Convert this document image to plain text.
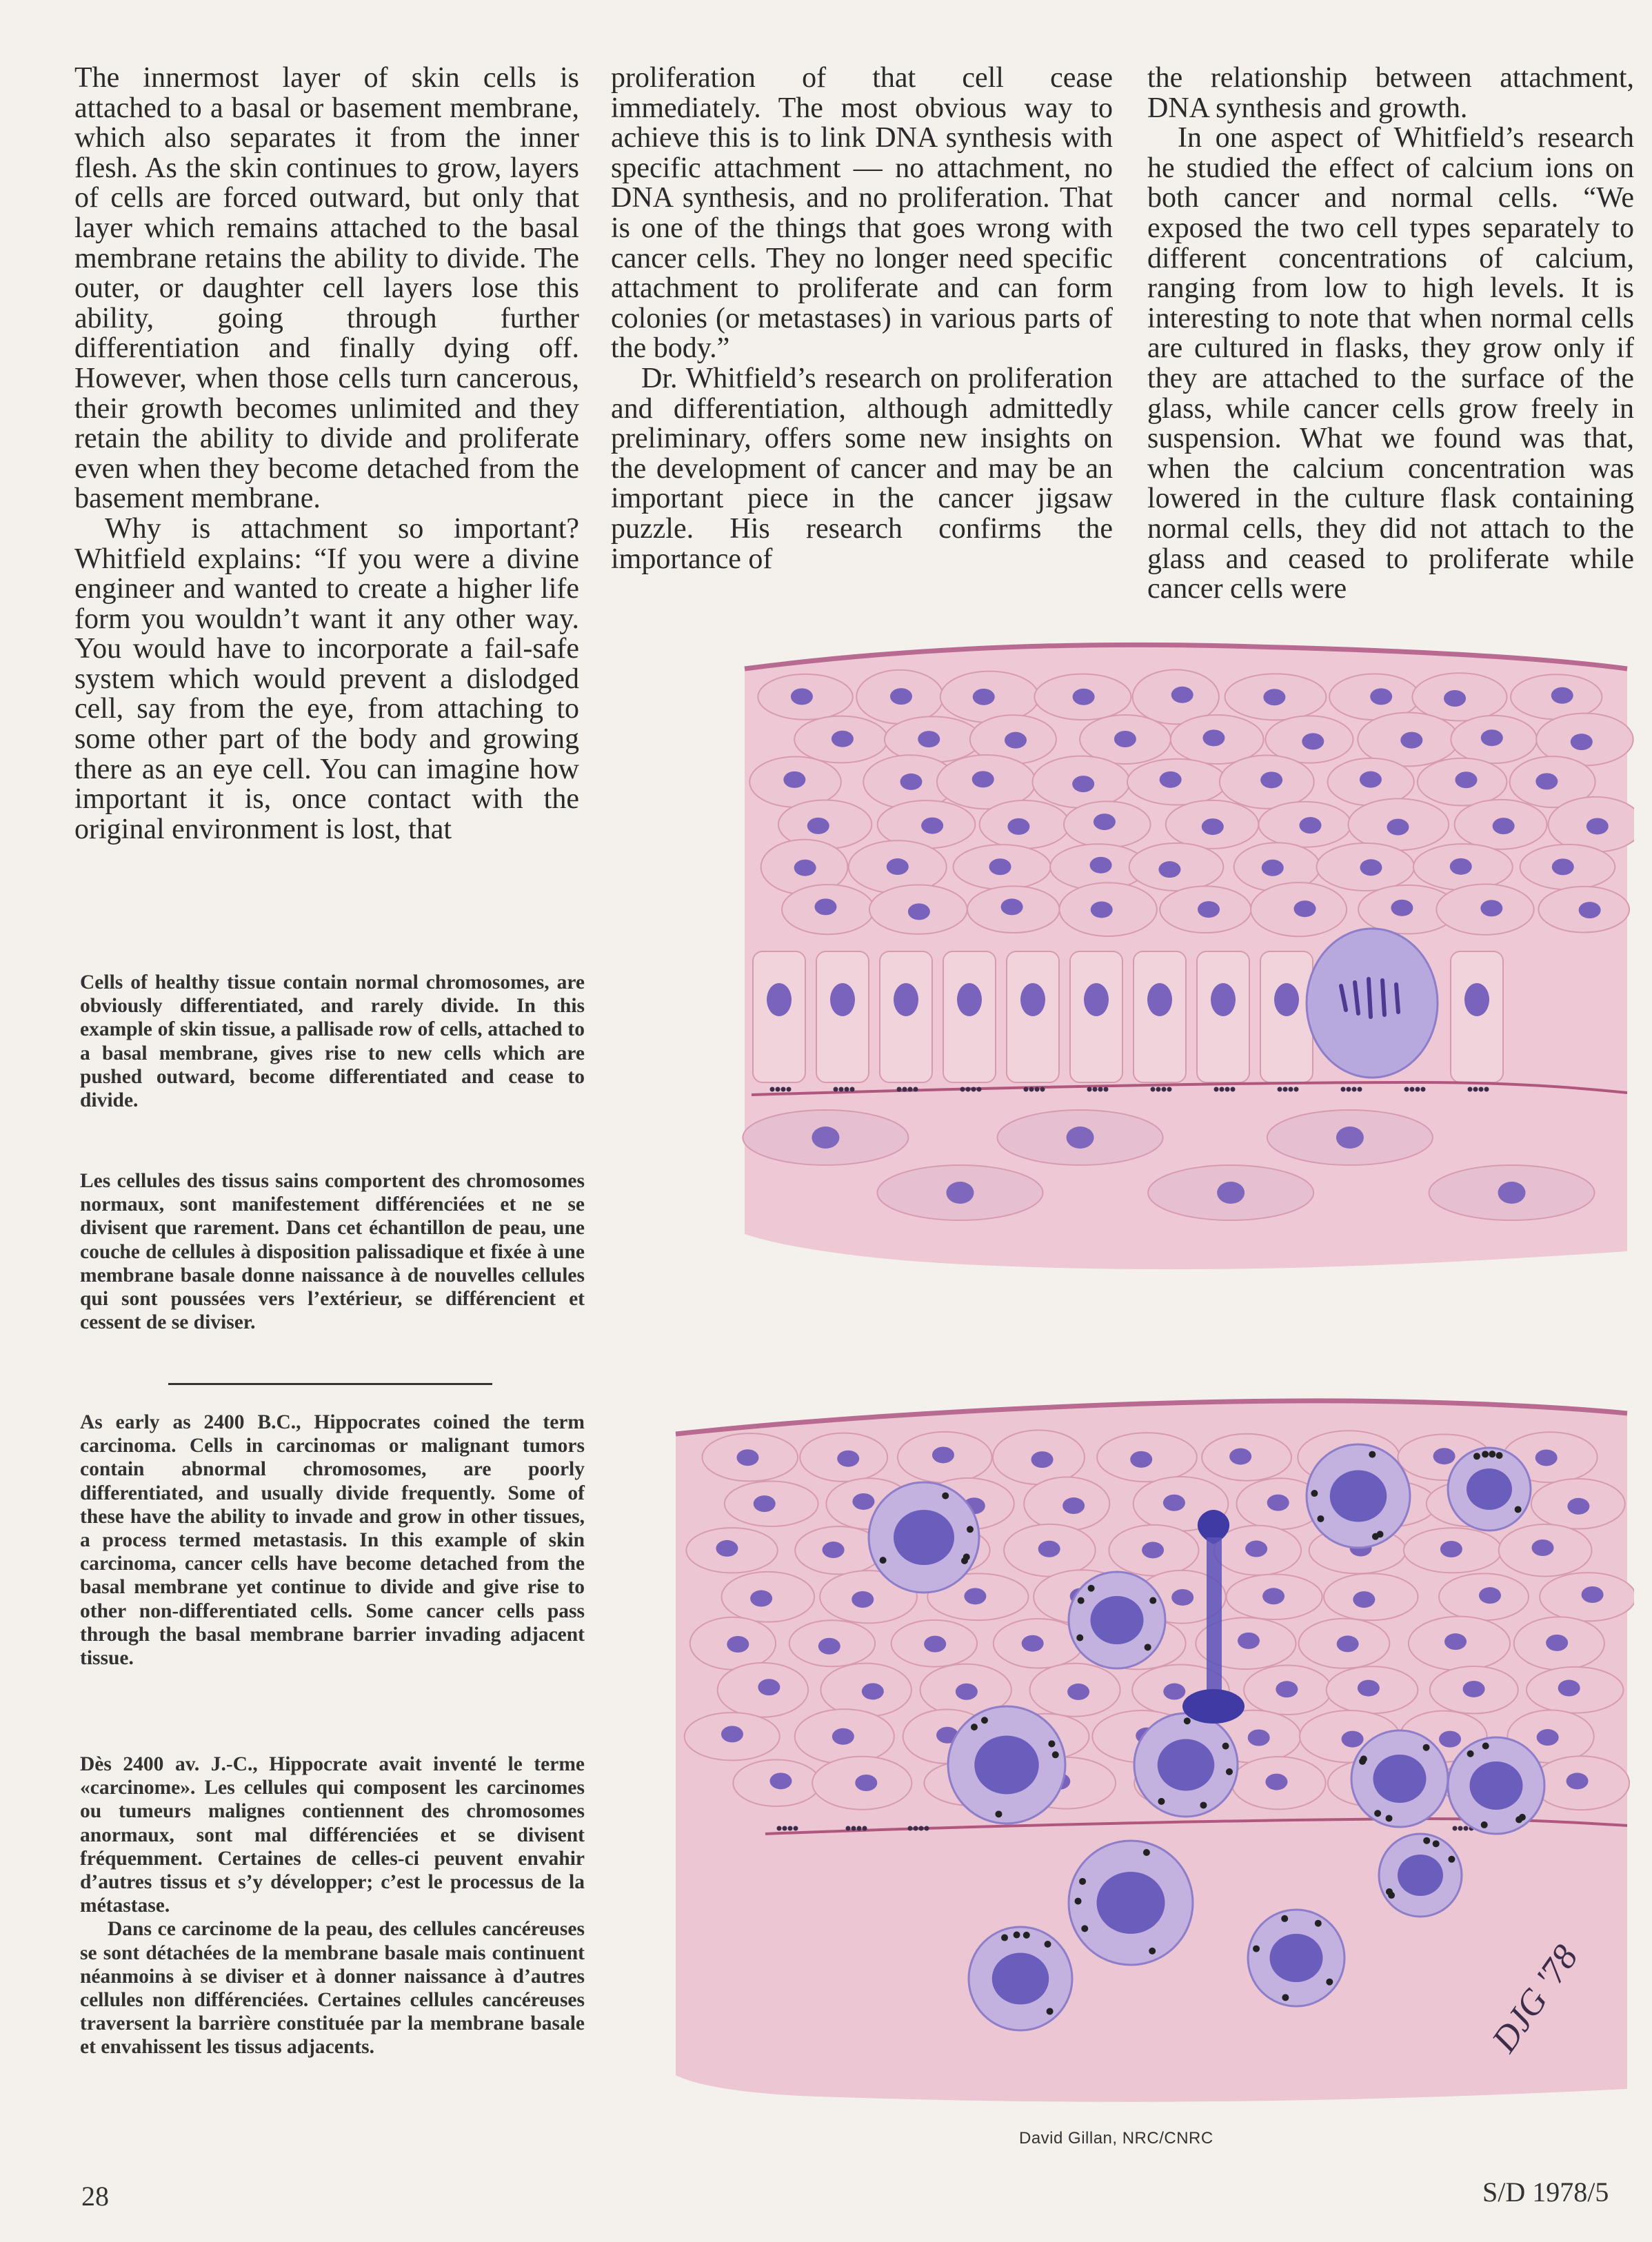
The innermost layer of skin cells is attached to a basal or basement membrane, which also separates it from the inner flesh. As the skin continues to grow, layers of cells are forced outward, but only that layer which remains attached to the basal membrane retains the ability to divide. The outer, or daughter cell layers lose this ability, going through further differentiation and finally dying off. However, when those cells turn cancerous, their growth becomes unlimited and they retain the ability to divide and proliferate even when they become detached from the basement membrane.

Why is attachment so important? Whitfield explains: “If you were a divine engineer and wanted to create a higher life form you wouldn’t want it any other way. You would have to incorporate a fail-safe system which would prevent a dislodged cell, say from the eye, from attaching to some other part of the body and growing there as an eye cell. You can imagine how important it is, once contact with the original environment is lost, that

proliferation of that cell cease immediately. The most obvious way to achieve this is to link DNA synthesis with specific attachment — no attachment, no DNA synthesis, and no proliferation. That is one of the things that goes wrong with cancer cells. They no longer need specific attachment to proliferate and can form colonies (or metastases) in various parts of the body.”

Dr. Whitfield’s research on proliferation and differentiation, although admittedly preliminary, offers some new insights on the development of cancer and may be an important piece in the cancer jigsaw puzzle. His research confirms the importance of

the relationship between attachment, DNA synthesis and growth.

In one aspect of Whitfield’s research he studied the effect of calcium ions on both cancer and normal cells. “We exposed the two cell types separately to different concentrations of calcium, ranging from low to high levels. It is interesting to note that when normal cells are cultured in flasks, they grow only if they are attached to the surface of the glass, while cancer cells grow freely in suspension. What we found was that, when the calcium concentration was lowered in the culture flask containing normal cells, they did not attach to the glass and ceased to proliferate while cancer cells were

Cells of healthy tissue contain normal chromosomes, are obviously differentiated, and rarely divide. In this example of skin tissue, a pallisade row of cells, attached to a basal membrane, gives rise to new cells which are pushed outward, become differentiated and cease to divide.

Les cellules des tissus sains comportent des chromosomes normaux, sont manifestement différenciées et ne se divisent que rarement. Dans cet échantillon de peau, une couche de cellules à disposition palissadique et fixée à une membrane basale donne naissance à de nouvelles cellules qui sont poussées vers l’extérieur, se différencient et cessent de se diviser.

As early as 2400 B.C., Hippocrates coined the term carcinoma. Cells in carcinomas or malignant tumors contain abnormal chromosomes, are poorly differentiated, and usually divide frequently. Some of these have the ability to invade and grow in other tissues, a process termed metastasis. In this example of skin carcinoma, cancer cells have become detached from the basal membrane yet continue to divide and give rise to other non-differentiated cells. Some cancer cells pass through the basal membrane barrier invading adjacent tissue.

Dès 2400 av. J.-C., Hippocrate avait inventé le terme «carcinome». Les cellules qui composent les carcinomes ou tumeurs malignes contiennent des chromosomes anormaux, sont mal différenciées et se divisent fréquemment. Certaines de celles-ci peuvent envahir d’autres tissus et s’y développer; c’est le processus de la métastase.

Dans ce carcinome de la peau, des cellules cancéreuses se sont détachées de la membrane basale mais continuent néanmoins à se diviser et à donner naissance à d’autres cellules non différenciées. Certaines cellules cancéreuses traversent la barrière constituée par la membrane basale et envahissent les tissus adjacents.	DJG '78
David Gillan, NRC/CNRC
28	S/D 1978/5
